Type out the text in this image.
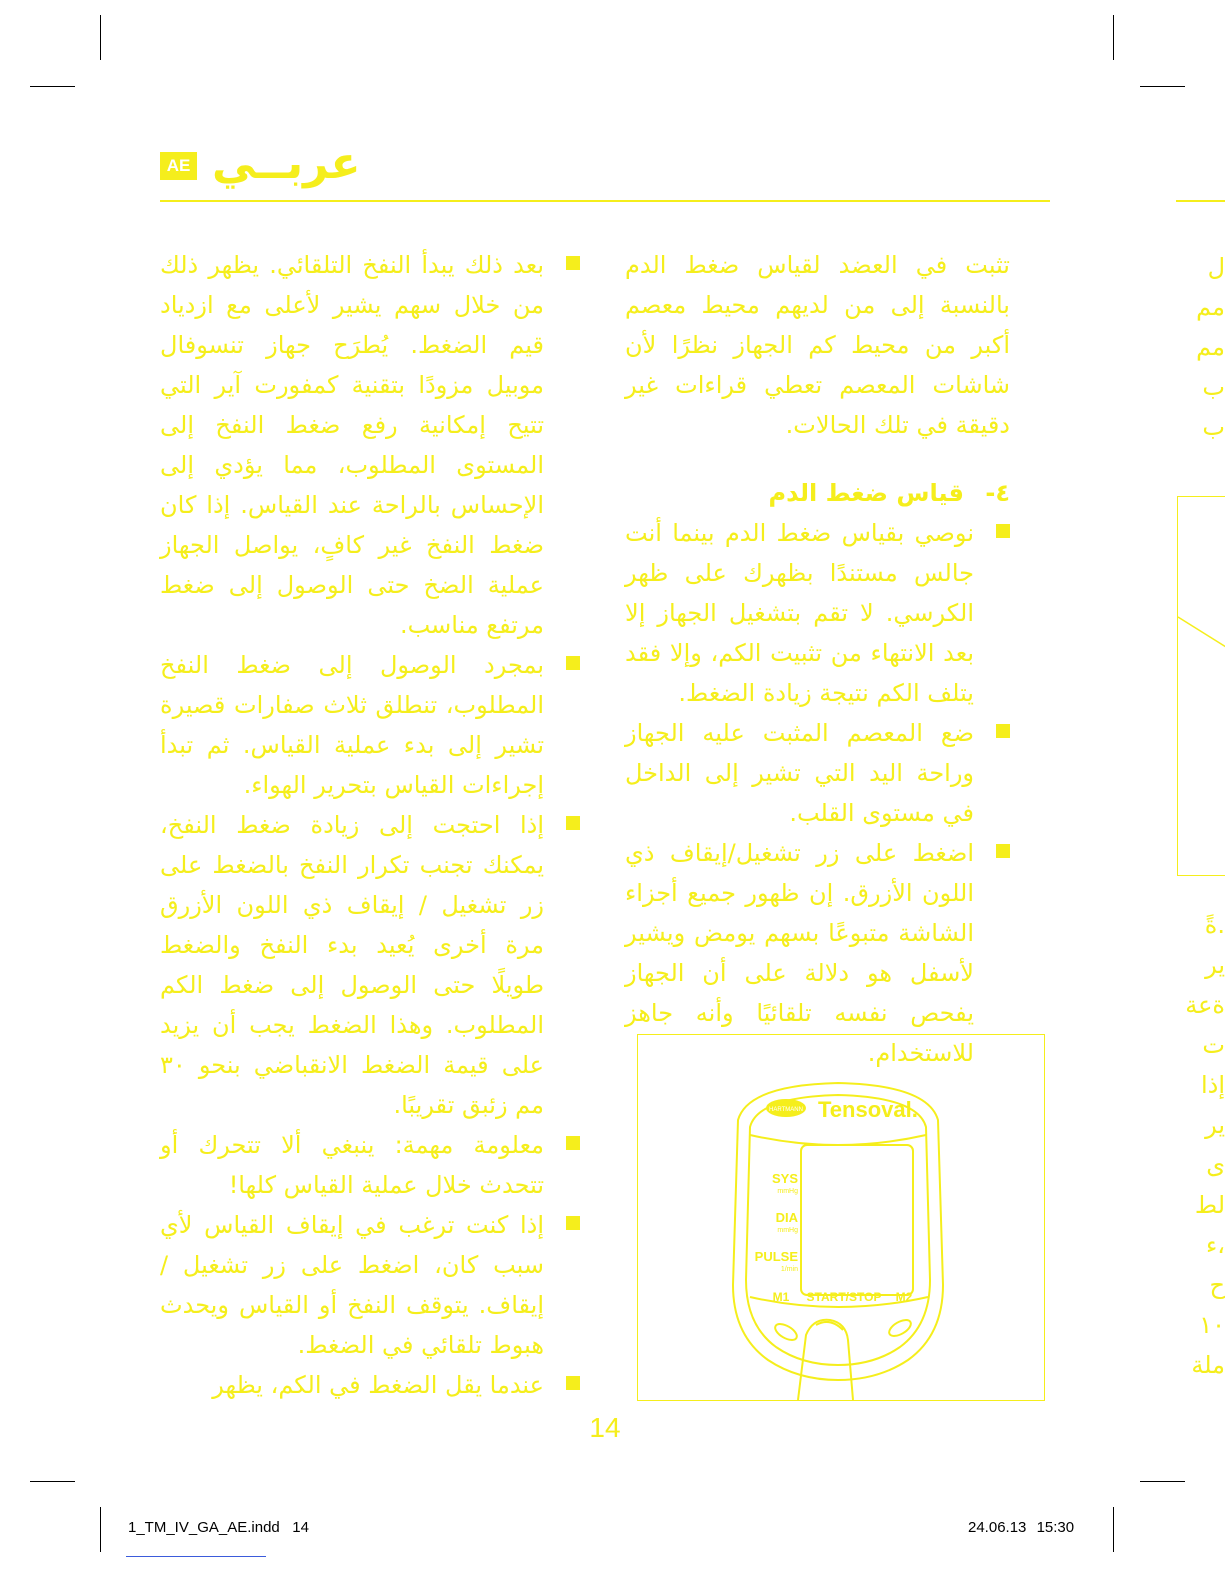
AE عربــي
ل
مم
مم
ب
ب
.ةً
ير
ةعة
ت
إذا
ير
ى
لط
،ء
ح
١٠
ملة

تثبت في العضد لقياس ضغط الدم بالنسبة إلى من لديهم محيط معصم أكبر من محيط كم الجهاز نظرًا لأن شاشات المعصم تعطي قراءات غير دقيقة في تلك الحالات.

٤-قياس ضغط الدم

نوصي بقياس ضغط الدم بينما أنت جالس مستندًا بظهرك على ظهر الكرسي. لا تقم بتشغيل الجهاز إلا بعد الانتهاء من تثبيت الكم، وإلا فقد يتلف الكم نتيجة زيادة الضغط.

ضع المعصم المثبت عليه الجهاز وراحة اليد التي تشير إلى الداخل في مستوى القلب.

اضغط على زر تشغيل/إيقاف ذي اللون الأزرق. إن ظهور جميع أجزاء الشاشة متبوعًا بسهم يومض ويشير لأسفل هو دلالة على أن الجهاز يفحص نفسه تلقائيًا وأنه جاهز للاستخدام.

بعد ذلك يبدأ النفخ التلقائي. يظهر ذلك من خلال سهم يشير لأعلى مع ازدياد قيم الضغط. يُطرَح جهاز تنسوفال موبيل مزودًا بتقنية كمفورت آير التي تتيح إمكانية رفع ضغط النفخ إلى المستوى المطلوب، مما يؤدي إلى الإحساس بالراحة عند القياس. إذا كان ضغط النفخ غير كافٍ، يواصل الجهاز عملية الضخ حتى الوصول إلى ضغط مرتفع مناسب.

بمجرد الوصول إلى ضغط النفخ المطلوب، تنطلق ثلاث صفارات قصيرة تشير إلى بدء عملية القياس. ثم تبدأ إجراءات القياس بتحرير الهواء.

إذا احتجت إلى زيادة ضغط النفخ، يمكنك تجنب تكرار النفخ بالضغط على زر تشغيل / إيقاف ذي اللون الأزرق مرة أخرى يُعيد بدء النفخ والضغط طويلًا حتى الوصول إلى ضغط الكم المطلوب. وهذا الضغط يجب أن يزيد على قيمة الضغط الانقباضي بنحو ٣٠ مم زئبق تقريبًا.

معلومة مهمة: ينبغي ألا تتحرك أو تتحدث خلال عملية القياس كلها!

إذا كنت ترغب في إيقاف القياس لأي سبب كان، اضغط على زر تشغيل / إيقاف. يتوقف النفخ أو القياس ويحدث هبوط تلقائي في الضغط.

عندما يقل الضغط في الكم، يظهر

HARTMANN Tensoval.
SYS
mmHg
DIA
mmHg
PULSE
1/min
M1 START/STOP M2
14
1_TM_IV_GA_AE.indd   14	24.06.13 15:30
